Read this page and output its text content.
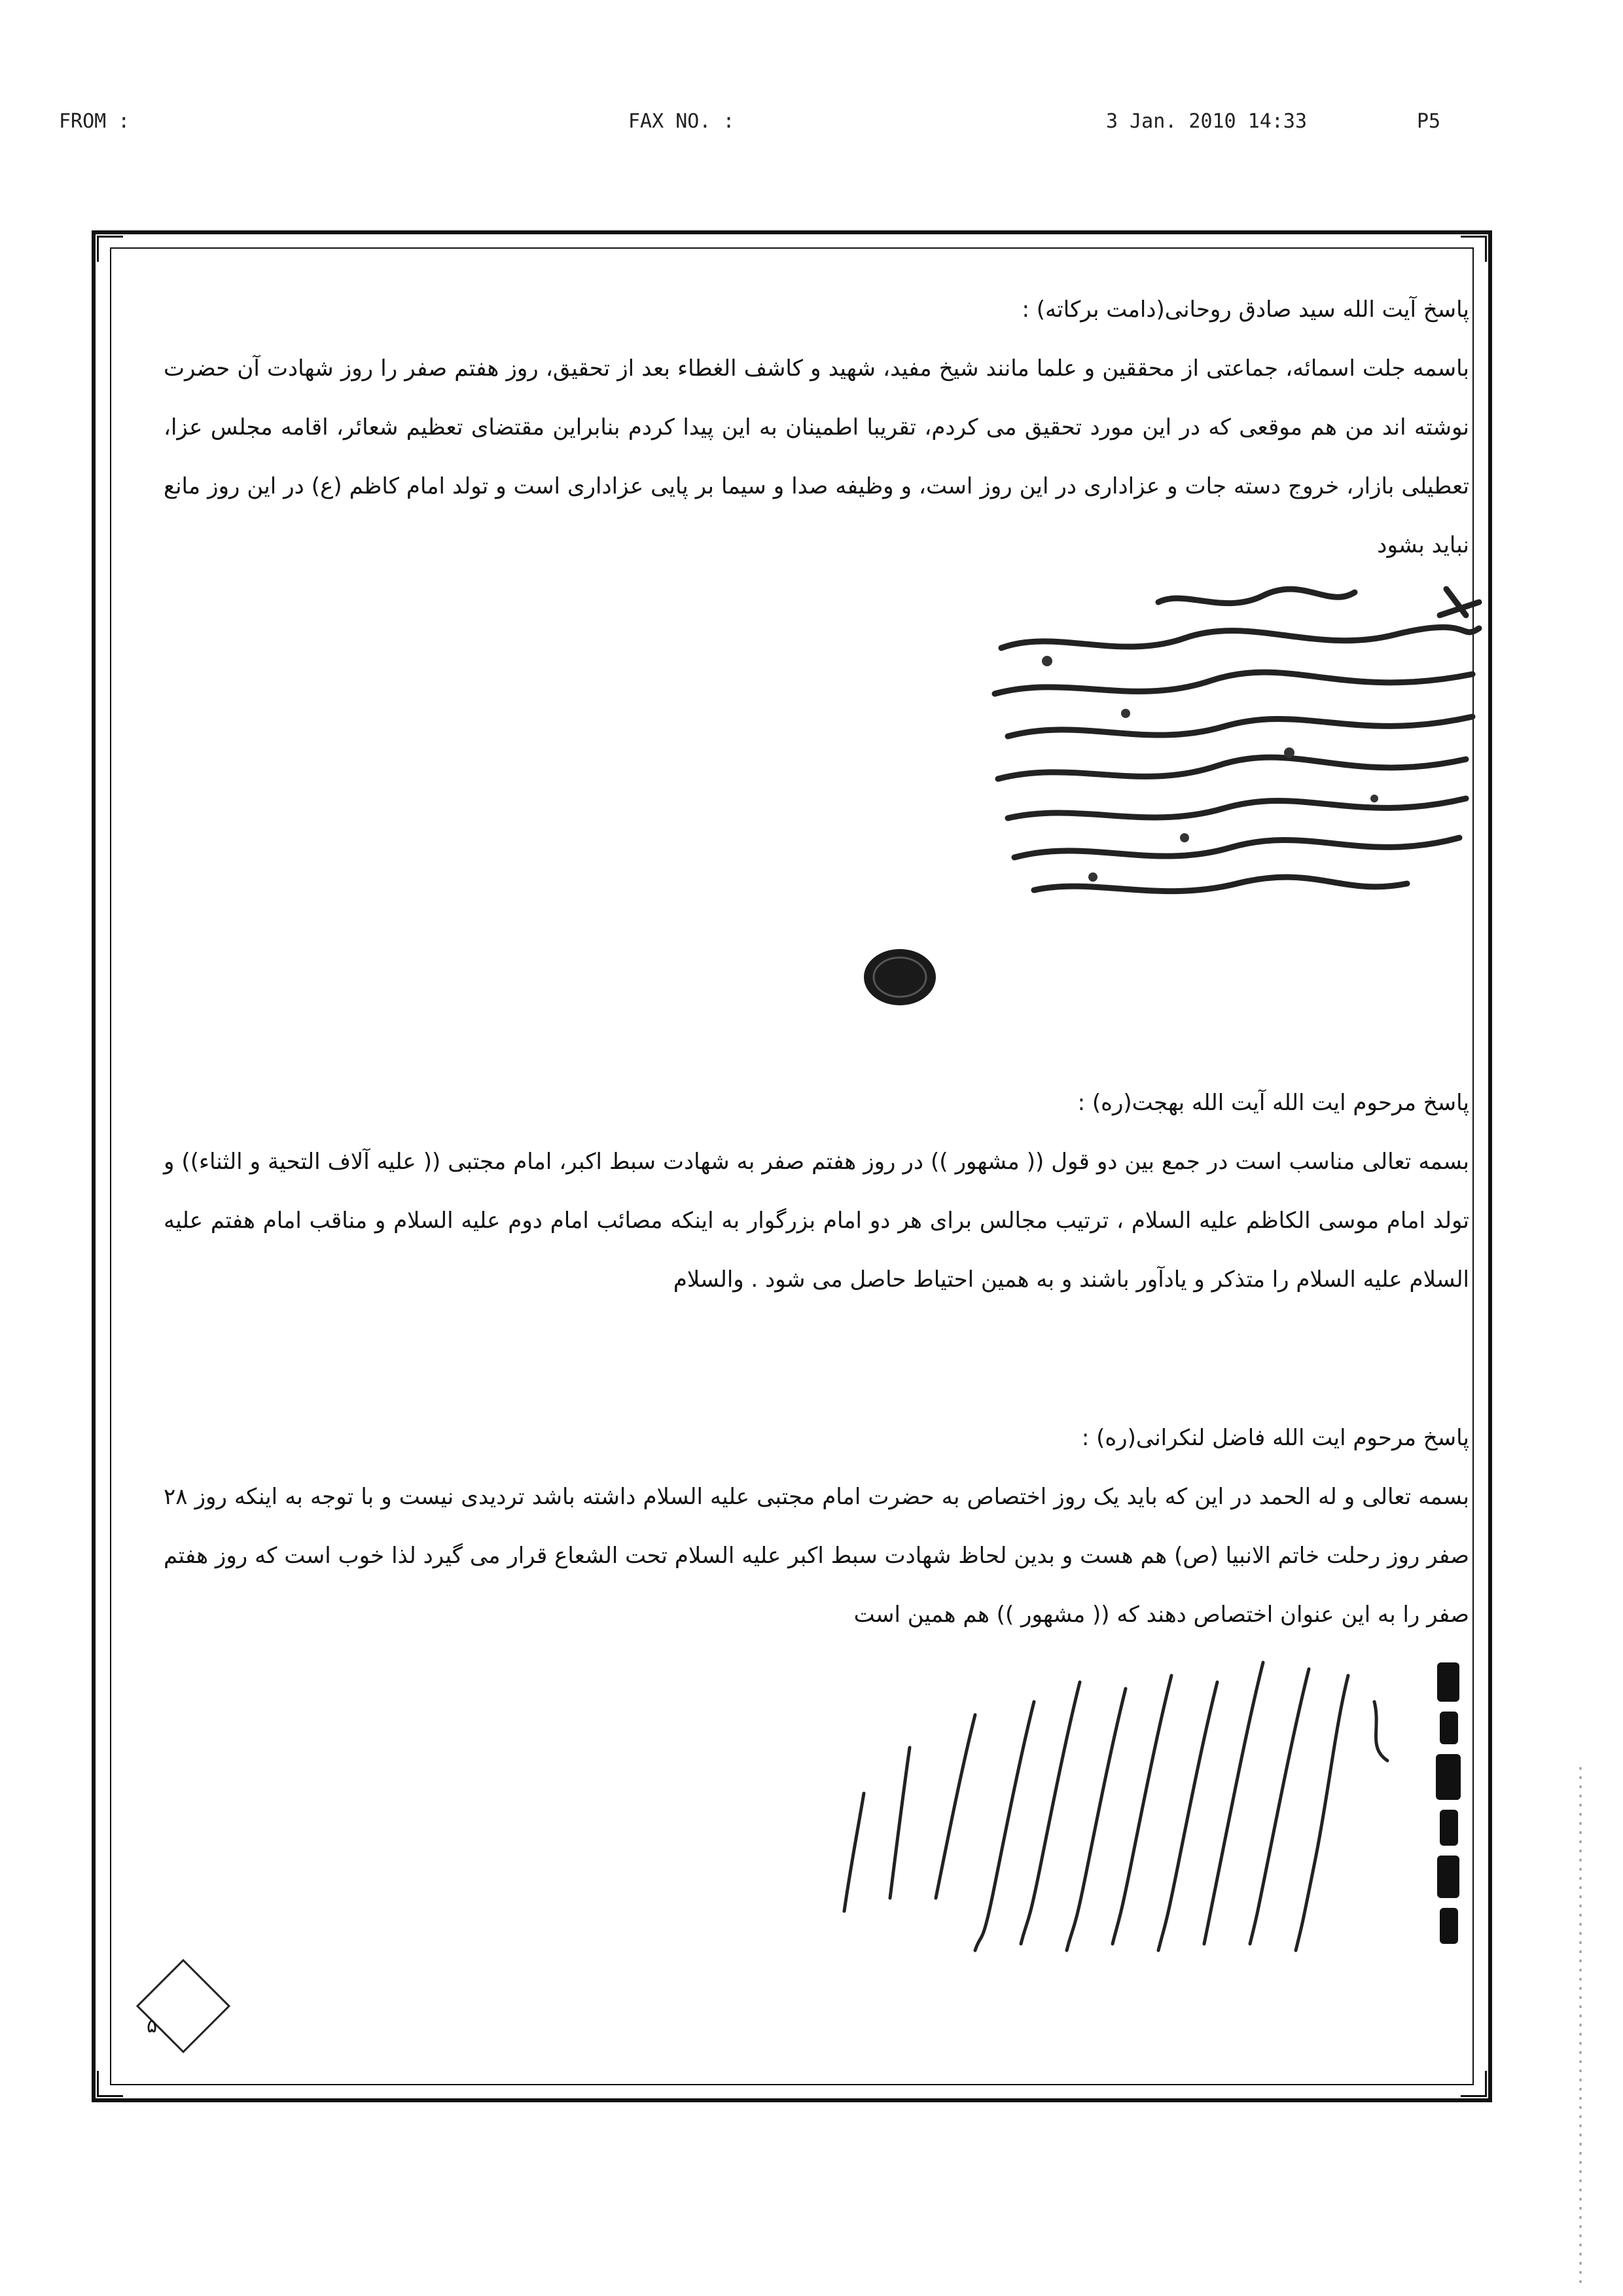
FROM :	FAX NO. :	3 Jan. 2010 14:33	P5
پاسخ آیت الله سید صادق روحانی(دامت برکاته) :
باسمه جلت اسمائه، جماعتی از محققین و علما مانند شیخ مفید، شهید و کاشف الغطاء بعد از تحقیق، روز هفتم صفر را روز شهادت آن حضرت نوشته اند من هم موقعی که در این مورد تحقیق می کردم، تقریبا اطمینان به این پیدا کردم بنابراین مقتضای تعظیم شعائر، اقامه مجلس عزا، تعطیلی بازار، خروج دسته جات و عزاداری در این روز است، و وظیفه صدا و سیما بر پایی عزاداری است و تولد امام کاظم (ع) در این روز مانع نباید بشود
پاسخ مرحوم ایت الله آیت الله بهجت(ره) :
بسمه تعالی مناسب است در جمع بین دو قول (( مشهور )) در روز هفتم صفر به شهادت سبط اکبر، امام مجتبی (( علیه آلاف التحیة و الثناء)) و تولد امام موسی الکاظم علیه السلام ، ترتیب مجالس برای هر دو امام بزرگوار به اینکه مصائب امام دوم علیه السلام و مناقب امام هفتم علیه السلام علیه السلام را متذکر و یادآور باشند و به همین احتیاط حاصل می شود . والسلام
پاسخ مرحوم ایت الله فاضل لنکرانی(ره) :
بسمه تعالی و له الحمد در این که باید یک روز اختصاص به حضرت امام مجتبی علیه السلام داشته باشد تردیدی نیست و با توجه به اینکه روز ۲۸ صفر روز رحلت خاتم الانبیا (ص) هم هست و بدین لحاظ شهادت سبط اکبر علیه السلام تحت الشعاع قرار می گیرد لذا خوب است که روز هفتم صفر را به این عنوان اختصاص دهند که (( مشهور )) هم همین است
۵
